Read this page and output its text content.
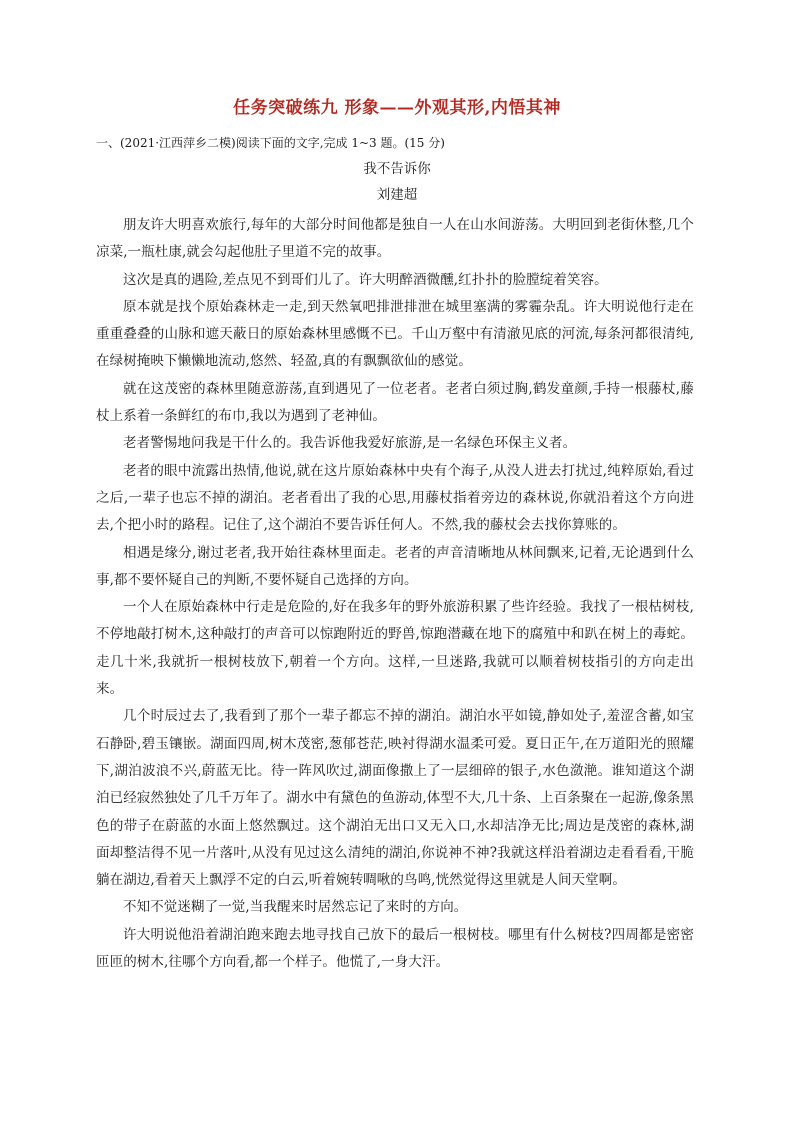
任务突破练九 形象——外观其形,内悟其神
一、(2021·江西萍乡二模)阅读下面的文字,完成 1~3 题。(15 分)
我不告诉你
刘建超

朋友许大明喜欢旅行,每年的大部分时间他都是独自一人在山水间游荡。大明回到老街休整,几个凉菜,一瓶杜康,就会勾起他肚子里道不完的故事。

这次是真的遇险,差点见不到哥们儿了。许大明醉酒微醺,红扑扑的脸膛绽着笑容。

原本就是找个原始森林走一走,到天然氧吧排泄排泄在城里塞满的雾霾杂乱。许大明说他行走在重重叠叠的山脉和遮天蔽日的原始森林里感慨不已。千山万壑中有清澈见底的河流,每条河都很清纯,在绿树掩映下懒懒地流动,悠然、轻盈,真的有飘飘欲仙的感觉。

就在这茂密的森林里随意游荡,直到遇见了一位老者。老者白须过胸,鹤发童颜,手持一根藤杖,藤杖上系着一条鲜红的布巾,我以为遇到了老神仙。

老者警惕地问我是干什么的。我告诉他我爱好旅游,是一名绿色环保主义者。

老者的眼中流露出热情,他说,就在这片原始森林中央有个海子,从没人进去打扰过,纯粹原始,看过之后,一辈子也忘不掉的湖泊。老者看出了我的心思,用藤杖指着旁边的森林说,你就沿着这个方向进去,个把小时的路程。记住了,这个湖泊不要告诉任何人。不然,我的藤杖会去找你算账的。

相遇是缘分,谢过老者,我开始往森林里面走。老者的声音清晰地从林间飘来,记着,无论遇到什么事,都不要怀疑自己的判断,不要怀疑自己选择的方向。

一个人在原始森林中行走是危险的,好在我多年的野外旅游积累了些许经验。我找了一根枯树枝,不停地敲打树木,这种敲打的声音可以惊跑附近的野兽,惊跑潜藏在地下的腐殖中和趴在树上的毒蛇。走几十米,我就折一根树枝放下,朝着一个方向。这样,一旦迷路,我就可以顺着树枝指引的方向走出来。

几个时辰过去了,我看到了那个一辈子都忘不掉的湖泊。湖泊水平如镜,静如处子,羞涩含蓄,如宝石静卧,碧玉镶嵌。湖面四周,树木茂密,葱郁苍茫,映衬得湖水温柔可爱。夏日正午,在万道阳光的照耀下,湖泊波浪不兴,蔚蓝无比。待一阵风吹过,湖面像撒上了一层细碎的银子,水色潋滟。谁知道这个湖泊已经寂然独处了几千万年了。湖水中有黛色的鱼游动,体型不大,几十条、上百条聚在一起游,像条黑色的带子在蔚蓝的水面上悠然飘过。这个湖泊无出口又无入口,水却洁净无比;周边是茂密的森林,湖面却整洁得不见一片落叶,从没有见过这么清纯的湖泊,你说神不神?我就这样沿着湖边走看看看,干脆躺在湖边,看着天上飘浮不定的白云,听着婉转啁啾的鸟鸣,恍然觉得这里就是人间天堂啊。

不知不觉迷糊了一觉,当我醒来时居然忘记了来时的方向。

许大明说他沿着湖泊跑来跑去地寻找自己放下的最后一根树枝。哪里有什么树枝?四周都是密密匝匝的树木,往哪个方向看,都一个样子。他慌了,一身大汗。
